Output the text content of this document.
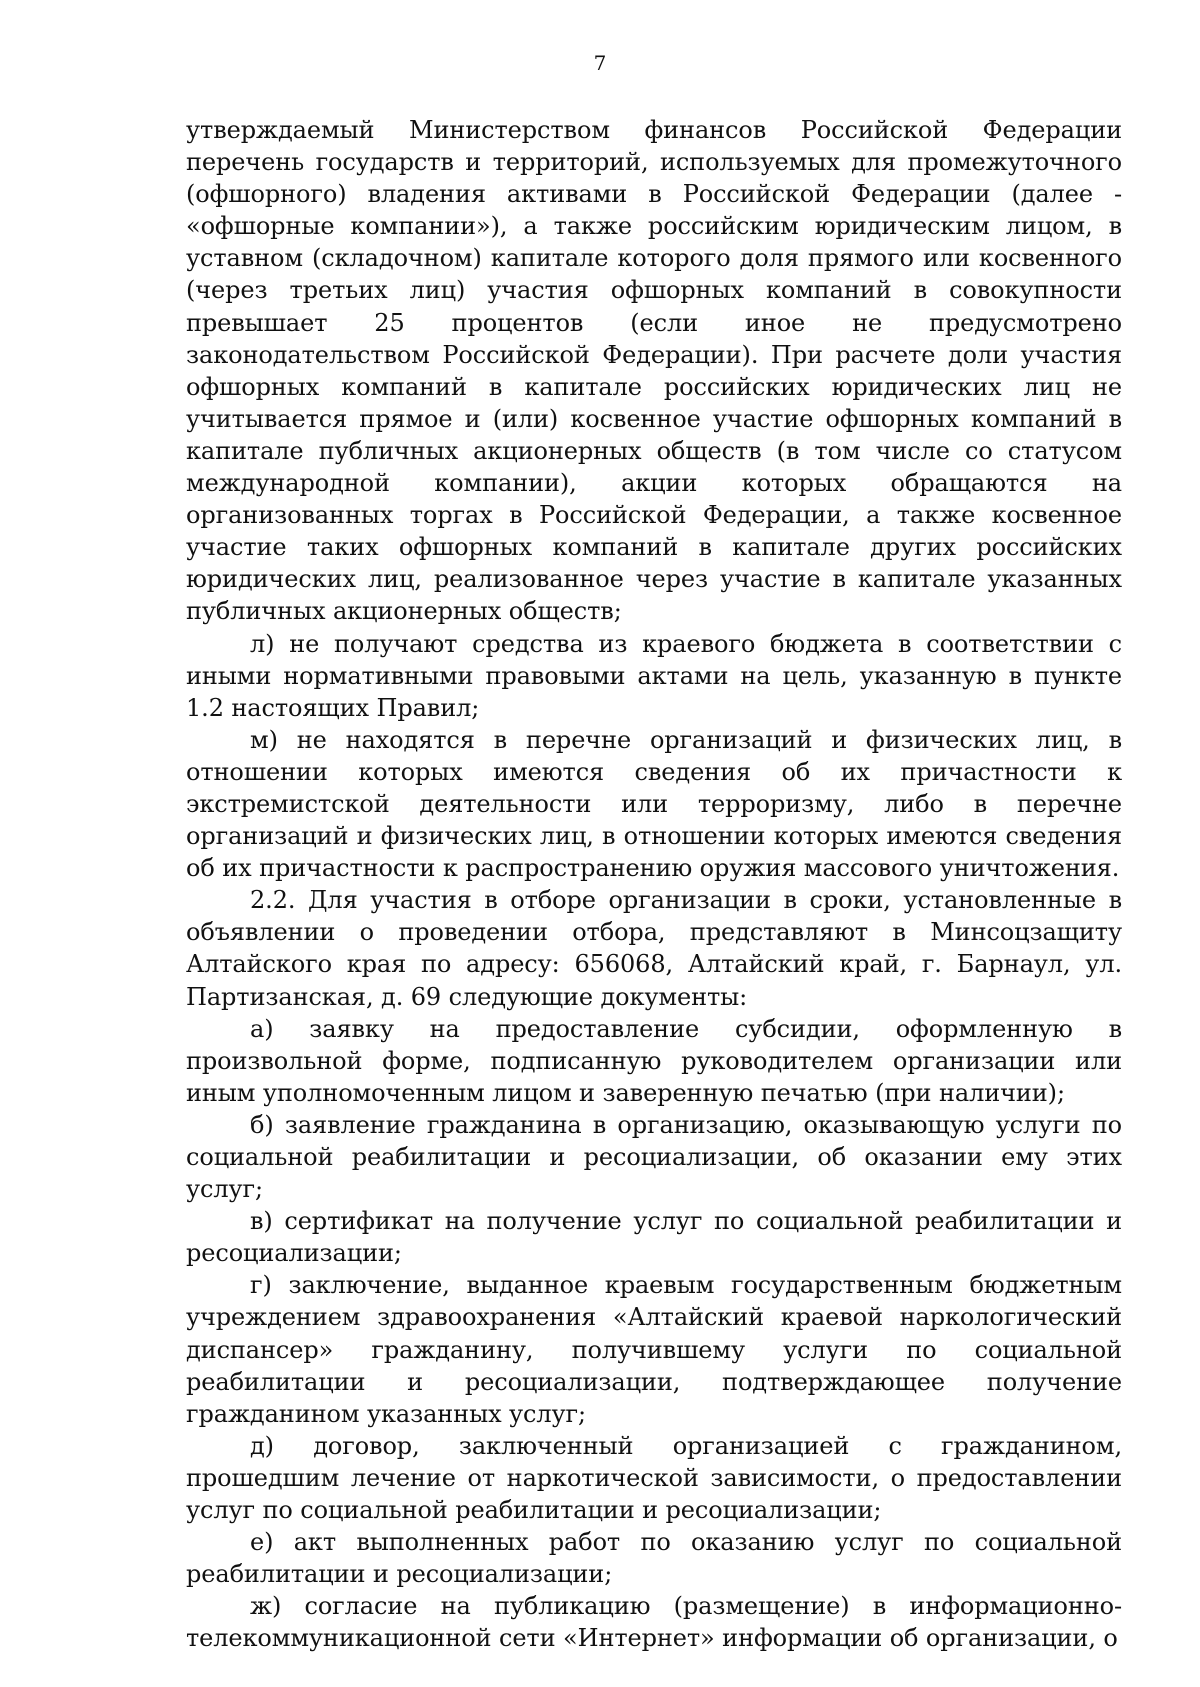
7

утверждаемый Министерством финансов Российской Федерации перечень государств и территорий, используемых для промежуточного (офшорного) владения активами в Российской Федерации (далее - «офшорные компании»), а также российским юридическим лицом, в уставном (складочном) капитале которого доля прямого или косвенного (через третьих лиц) участия офшорных компаний в совокупности превышает 25 процентов (если иное не предусмотрено законодательством Российской Федерации). При расчете доли участия офшорных компаний в капитале российских юридических лиц не учитывается прямое и (или) косвенное участие офшорных компаний в капитале публичных акционерных обществ (в том числе со статусом международной компании), акции которых обращаются на организованных торгах в Российской Федерации, а также косвенное участие таких офшорных компаний в капитале других российских юридических лиц, реализованное через участие в капитале указанных публичных акционерных обществ;

л) не получают средства из краевого бюджета в соответствии с иными нормативными правовыми актами на цель, указанную в пункте 1.2 настоящих Правил;

м) не находятся в перечне организаций и физических лиц, в отношении которых имеются сведения об их причастности к экстремистской деятельности или терроризму, либо в перечне организаций и физических лиц, в отношении которых имеются сведения об их причастности к распространению оружия массового уничтожения.

2.2. Для участия в отборе организации в сроки, установленные в объявлении о проведении отбора, представляют в Минсоцзащиту Алтайского края по адресу: 656068, Алтайский край, г. Барнаул, ул. Партизанская, д. 69 следующие документы:

а) заявку на предоставление субсидии, оформленную в произвольной форме, подписанную руководителем организации или иным уполномоченным лицом и заверенную печатью (при наличии);

б) заявление гражданина в организацию, оказывающую услуги по социальной реабилитации и ресоциализации, об оказании ему этих услуг;

в) сертификат на получение услуг по социальной реабилитации и ресоциализации;

г) заключение, выданное краевым государственным бюджетным учреждением здравоохранения «Алтайский краевой наркологический диспансер» гражданину, получившему услуги по социальной реабилитации и ресоциализации, подтверждающее получение гражданином указанных услуг;

д) договор, заключенный организацией с гражданином, прошедшим лечение от наркотической зависимости, о предоставлении услуг по социальной реабилитации и ресоциализации;

е) акт выполненных работ по оказанию услуг по социальной реабилитации и ресоциализации;

ж) согласие на публикацию (размещение) в информационно-телекоммуникационной сети «Интернет» информации об организации, о
